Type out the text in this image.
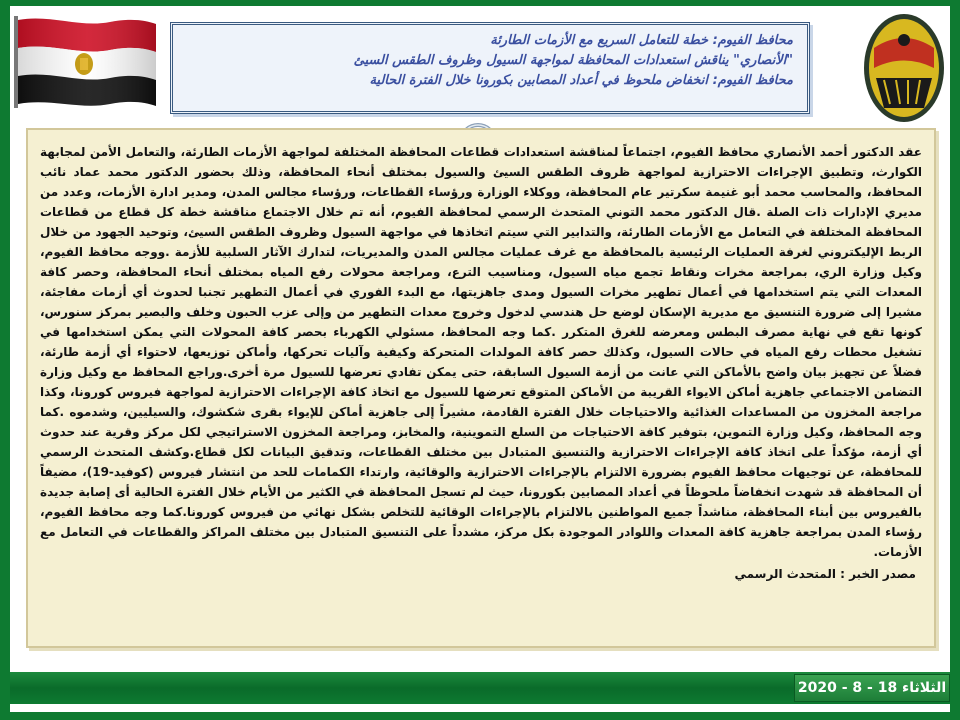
محافظ الفيوم: خطة للتعامل السريع مع الأزمات الطارئة
"الأنصاري" يناقش استعدادات المحافظة لمواجهة السيول وظروف الطقس السيئ
محافظ الفيوم: انخفاض ملحوظ في أعداد المصابين بكورونا خلال الفترة الحالية

عقد الدكتور أحمد الأنصاري محافظ الفيوم، اجتماعاً لمناقشة استعدادات قطاعات المحافظة المختلفة لمواجهة الأزمات الطارئة، والتعامل الأمن لمجابهة الكوارث، وتطبيق الإجراءات الاحترازية لمواجهة ظروف الطقس السيئ والسيول بمختلف أنحاء المحافظة، وذلك بحضور الدكتور محمد عماد نائب المحافظ، والمحاسب محمد أبو غنيمة سكرتير عام المحافظة، ووكلاء الوزارة ورؤساء القطاعات، ورؤساء مجالس المدن، ومدير ادارة الأزمات، وعدد من مديري الإدارات ذات الصلة .قال الدكتور محمد التوني المتحدث الرسمي لمحافظة الفيوم، أنه تم خلال الاجتماع مناقشة خطة كل قطاع من قطاعات المحافظة المختلفة في التعامل مع الأزمات الطارئة، والتدابير التي سيتم اتخاذها في مواجهة السيول وظروف الطقس السيئ، وتوحيد الجهود من خلال الربط الإليكتروني لغرفة العمليات الرئيسية بالمحافظة مع غرف عمليات مجالس المدن والمديريات، لتدارك الآثار السلبية للأزمة .ووجه محافظ الفيوم، وكيل وزارة الري، بمراجعة مخرات ونقاط تجمع مياه السيول، ومناسيب الترع، ومراجعة محولات رفع المياه بمختلف أنحاء المحافظة، وحصر كافة المعدات التي يتم استخدامها في أعمال تطهير مخرات السيول ومدى جاهزيتها، مع البدء الفوري في أعمال التطهير تجنبا لحدوث أي أزمات مفاجئة، مشيرا إلى ضرورة التنسيق مع مديرية الإسكان لوضع حل هندسي لدخول وخروج معدات التطهير من وإلى عزب الحبون وخلف والبصير بمركز سنورس، كونها تقع في نهاية مصرف البطس ومعرضه للغرق المتكرر .كما وجه المحافظ، مسئولي الكهرباء بحصر كافة المحولات التي يمكن استخدامها في تشغيل محطات رفع المياه في حالات السيول، وكذلك حصر كافة المولدات المتحركة وكيفية وآليات تحركها، وأماكن توزيعها، لاحتواء أي أزمة طارئة، فضلاً عن تجهيز بيان واضح بالأماكن التي عانت من أزمة السيول السابقة، حتى يمكن تفادي تعرضها للسيول مرة أخرى.وراجع المحافظ مع وكيل وزارة التضامن الاجتماعي جاهزية أماكن الايواء القريبة من الأماكن المتوقع تعرضها للسيول مع اتخاذ كافة الإجراءات الاحترازية لمواجهة فيروس كورونا، وكذا مراجعة المخزون من المساعدات الغذائية والاحتياجات خلال الفترة القادمة، مشيراً إلى جاهزية أماكن للإيواء بقرى شكشوك، والسيليين، وشدموه .كما وجه المحافظ، وكيل وزارة التموين، بتوفير كافة الاحتياجات من السلع التموينية، والمخابز، ومراجعة المخزون الاستراتيجي لكل مركز وقرية عند حدوث أي أزمة، مؤكداً على اتخاذ كافة الإجراءات الاحترازية والتنسيق المتبادل بين مختلف القطاعات، وتدقيق البيانات لكل قطاع.وكشف المتحدث الرسمي للمحافظة، عن توجيهات محافظ الفيوم بضرورة الالتزام بالإجراءات الاحترازية والوقائية، وارتداء الكمامات للحد من انتشار فيروس (كوفيد-19)، مضيفاً أن المحافظة قد شهدت انخفاضاً ملحوظاً في أعداد المصابين بكورونا، حيث لم تسجل المحافظة في الكثير من الأيام خلال الفترة الحالية أى إصابة جديدة بالفيروس بين أبناء المحافظة، مناشداً جميع المواطنين بالالتزام بالإجراءات الوقائية للتخلص بشكل نهائي من فيروس كورونا.كما وجه محافظ الفيوم، رؤساء المدن بمراجعة جاهزية كافة المعدات واللوادر الموجودة بكل مركز، مشدداً على التنسيق المتبادل بين مختلف المراكز والقطاعات في التعامل مع الأزمات.

مصدر الخبر : المتحدث الرسمي

الثلاثاء 18 - 8 - 2020
